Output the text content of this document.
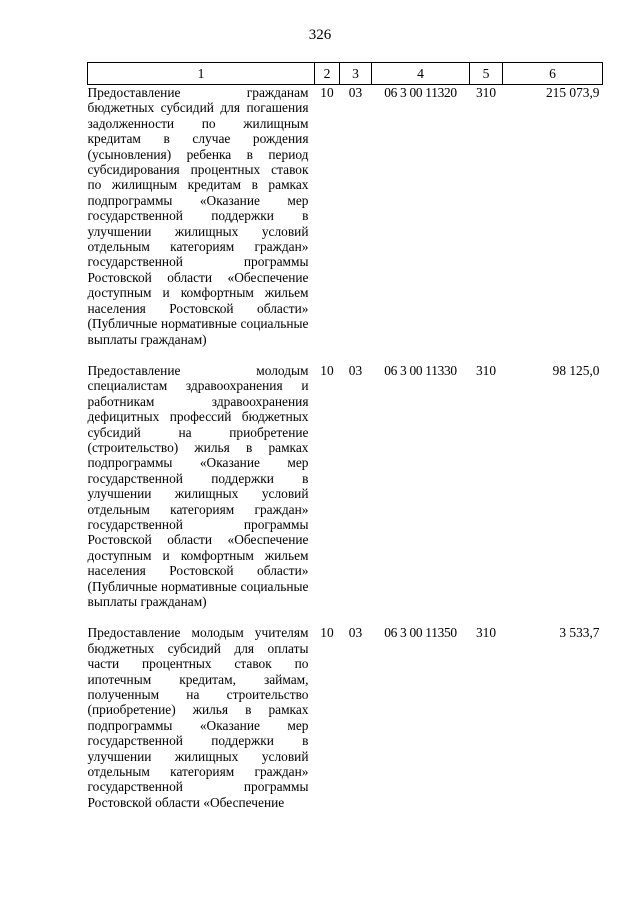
326
1	2	3	4	5	6
Предоставление гражданам бюджетных субсидий для погашения задолженности по жилищным кредитам в случае рождения (усыновления) ребенка в период субсидирования процентных ставок по жилищным кредитам в рамках подпрограммы «Оказание мер государственной поддержки в улучшении жилищных условий отдельным категориям граждан» государственной программы Ростовской области «Обеспечение доступным и комфортным жильем населения Ростовской области» (Публичные нормативные социальные выплаты гражданам)	10	03	06 3 00 11320	310	215 073,9
Предоставление молодым специалистам здравоохранения и работникам здравоохранения дефицитных профессий бюджетных субсидий на приобретение (строительство) жилья в рамках подпрограммы «Оказание мер государственной поддержки в улучшении жилищных условий отдельным категориям граждан» государственной программы Ростовской области «Обеспечение доступным и комфортным жильем населения Ростовской области» (Публичные нормативные социальные выплаты гражданам)	10	03	06 3 00 11330	310	98 125,0
Предоставление молодым учителям бюджетных субсидий для оплаты части процентных ставок по ипотечным кредитам, займам, полученным на строительство (приобретение) жилья в рамках подпрограммы «Оказание мер государственной поддержки в улучшении жилищных условий отдельным категориям граждан» государственной программы Ростовской области «Обеспечение	10	03	06 3 00 11350	310	3 533,7
